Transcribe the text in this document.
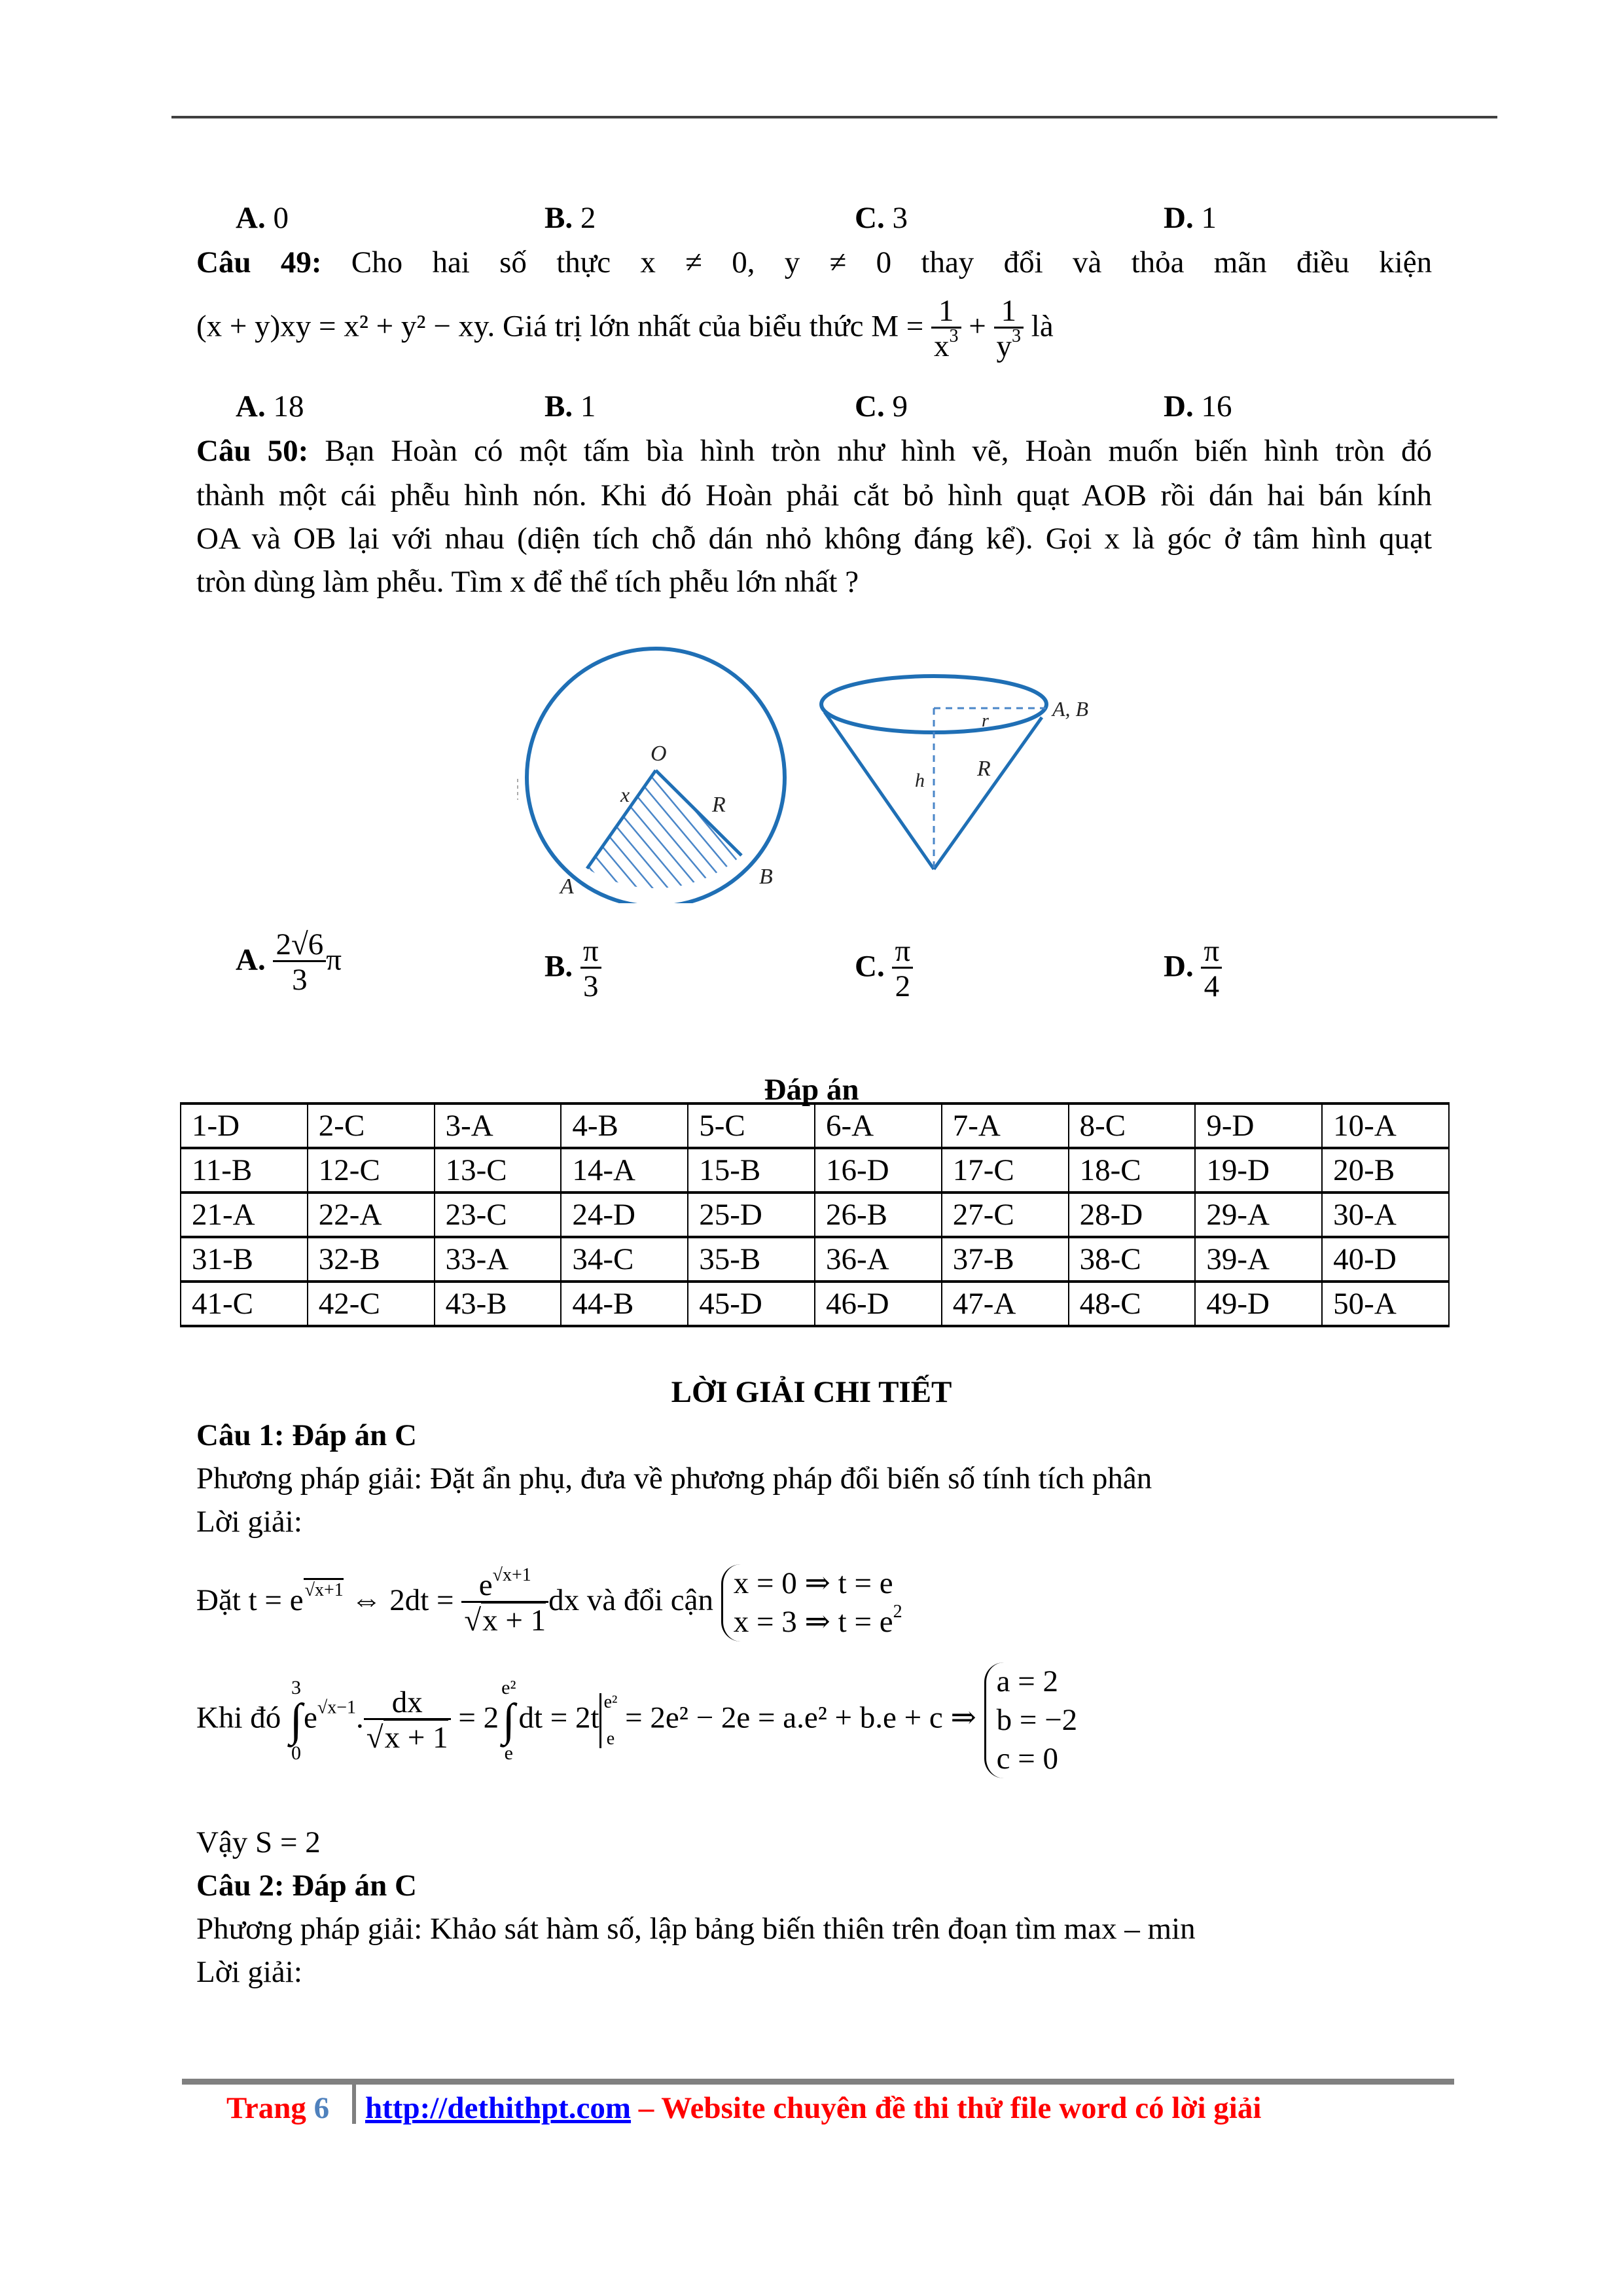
A. 0	B. 2	C. 3	D. 1
Câu 49: Cho hai số thực x ≠ 0, y ≠ 0 thay đổi và thỏa mãn điều kiện
(x + y)xy = x² + y² − xy. Giá trị lớn nhất của biểu thức $M = \frac{1}{x^3} + \frac{1}{y^3}$ là
A. 18	B. 1	C. 9	D. 16
Câu 50: Bạn Hoàn có một tấm bìa hình tròn như hình vẽ, Hoàn muốn biến hình tròn đó
thành một cái phễu hình nón. Khi đó Hoàn phải cắt bỏ hình quạt AOB rồi dán hai bán kính
OA và OB lại với nhau (diện tích chỗ dán nhỏ không đáng kể). Gọi x là góc ở tâm hình quạt
tròn dùng làm phễu. Tìm x để thể tích phễu lớn nhất ?
O
x	R
A	B
A, B
r
h R
A. $\frac{2√6}{3}$ π	B. $\frac{\pi}{3}$	C. $\frac{\pi}{2}$	D. $\frac{\pi}{4}$
Đáp án
1-D	2-C	3-A	4-B	5-C	6-A	7-A	8-C	9-D	10-A
11-B	12-C	13-C	14-A	15-B	16-D	17-C	18-C	19-D	20-B
21-A	22-A	23-C	24-D	25-D	26-B	27-C	28-D	29-A	30-A
31-B	32-B	33-A	34-C	35-B	36-A	37-B	38-C	39-A	40-D
41-C	42-C	43-B	44-B	45-D	46-D	47-A	48-C	49-D	50-A
LỜI GIẢI CHI TIẾT
Câu 1: Đáp án C
Phương pháp giải: Đặt ẩn phụ, đưa về phương pháp đổi biến số tính tích phân
Lời giải:
Đặt $t = e^{√x+1}$ ⇔ $2dt = \frac{e^{√x+1}}{√x + 1}$ dx và đổi cận x = 0 ⇒ t = e
x = 3 ⇒ $t = e^2$
Khi đó
3
∫
0
$e^{√x-1}$. $\frac{dx}{√x + 1} = 2$
e²
∫
e
dt = 2t e²

e
= 2e² − 2e = a.e² + b.e + c ⇒
a = 2
b = −2
c = 0
Vậy S = 2
Câu 2: Đáp án C
Phương pháp giải: Khảo sát hàm số, lập bảng biến thiên trên đoạn tìm max – min
Lời giải:
Trang 6 http://dethithpt.com – Website chuyên đề thi thử file word có lời giải
